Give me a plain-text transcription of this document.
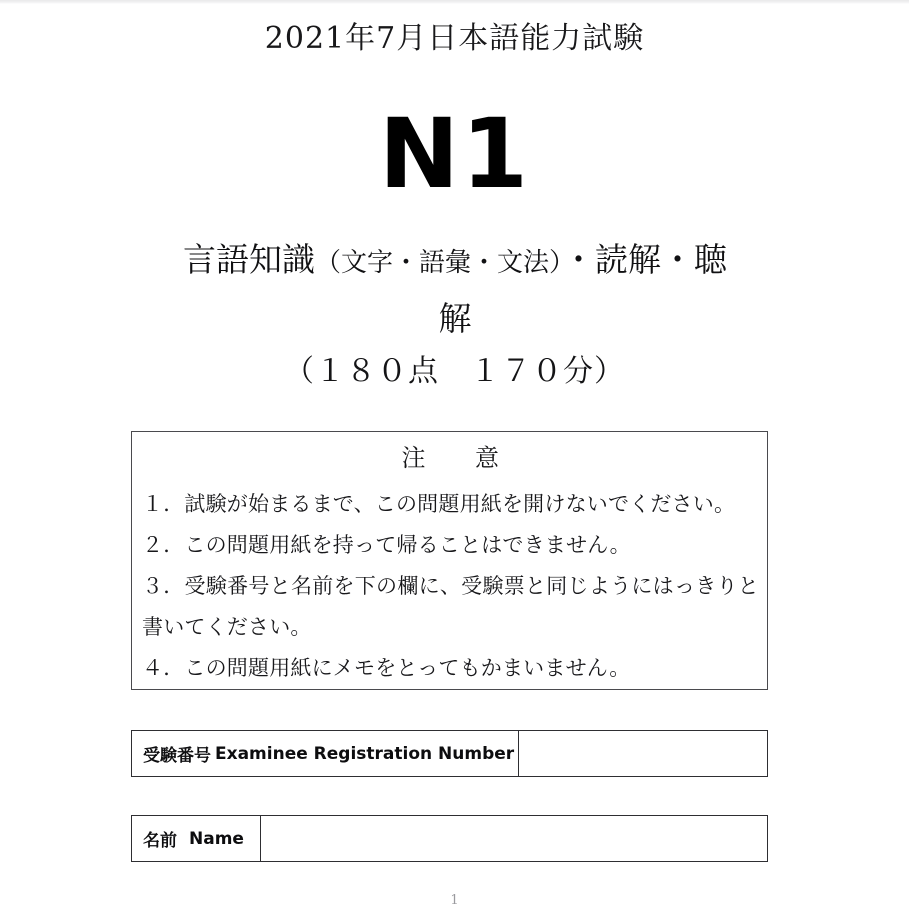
2021年7月日本語能力試験
N1
言語知識（文字・語彙・文法）・読解・聴
解
（１８０点　１７０分）
注　　意
１．試験が始まるまで、この問題用紙を開けないでください。
２．この問題用紙を持って帰ることはできません。
３．受験番号と名前を下の欄に、受験票と同じようにはっきりと書いてください。
４．この問題用紙にメモをとってもかまいません。
受験番号 Examinee Registration Number
名前 Name
1
